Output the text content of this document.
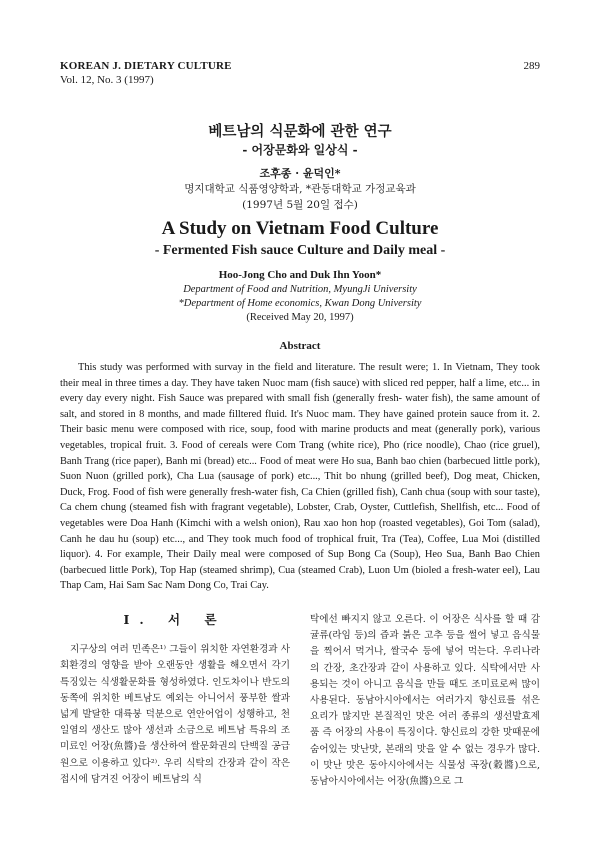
KOREAN J. DIETARY CULTURE
Vol. 12, No. 3 (1997)
289
베트남의 식문화에 관한 연구
- 어장문화와 일상식 -
조후종 · 윤덕인*
명지대학교 식품영양학과, *관동대학교 가정교육과
(1997년 5월 20일 접수)
A Study on Vietnam Food Culture
- Fermented Fish sauce Culture and Daily meal -
Hoo-Jong Cho and Duk Ihn Yoon*
Department of Food and Nutrition, MyungJi University
*Department of Home economics, Kwan Dong University
(Received May 20, 1997)
Abstract

This study was performed with survay in the field and literature. The result were; 1. In Vietnam, They took their meal in three times a day. They have taken Nuoc mam (fish sauce) with sliced red pepper, half a lime, etc... in every day every night. Fish Sauce was prepared with small fish (generally fresh- water fish), the same amount of salt, and stored in 8 months, and made filltered fluid. It's Nuoc mam. They have gained protein sauce from it. 2. Their basic menu were composed with rice, soup, food with marine products and meat (generally pork), various vegetables, tropical fruit. 3. Food of cereals were Com Trang (white rice), Pho (rice noodle), Chao (rice gruel), Banh Trang (rice paper), Banh mi (bread) etc... Food of meat were Ho sua, Banh bao chien (barbecued little pork), Suon Nuon (grilled pork), Cha Lua (sausage of pork) etc..., Thit bo nhung (grilled beef), Dog meat, Chicken, Duck, Frog. Food of fish were generally fresh-water fish, Ca Chien (grilled fish), Canh chua (soup with sour taste), Ca chem chung (steamed fish with fragrant vegetable), Lobster, Crab, Oyster, Cuttlefish, Shellfish, etc... Food of vegetables were Doa Hanh (Kimchi with a welsh onion), Rau xao hon hop (roasted vegetables), Goi Tom (salad), Canh he dau hu (soup) etc..., and They took much food of trophical fruit, Tra (Tea), Coffee, Lua Moi (distilled liquor). 4. For example, Their Daily meal were composed of Sup Bong Ca (Soup), Heo Sua, Banh Bao Chien (barbecued little Pork), Top Hap (steamed shrimp), Cua (steamed Crab), Luon Um (bioled a fresh-water eel), Lau Thap Cam, Hai Sam Sac Nam Dong Co, Trai Cay.

I. 서 론

지구상의 여러 민족은¹⁾ 그들이 위치한 자연환경과 사회환경의 영향을 받아 오랜동안 생활을 해오면서 각기 특징있는 식생활문화를 형성하였다. 인도차이나 반도의 동쪽에 위치한 베트남도 예외는 아니어서 풍부한 쌀과 넓게 발달한 대륙붕 덕분으로 연안어업이 성행하고, 천일염의 생산도 많아 생선과 소금으로 베트남 특유의 조미료인 어장(魚醬)을 생산하여 쌀문화권의 단백질 공급원으로 이용하고 있다²⁾. 우리 식탁의 간장과 같이 작은 접시에 담겨진 어장이 베트남의 식

탁에선 빠지지 않고 오른다. 이 어장은 식사를 할 때 감귤류(라임 등)의 즙과 붉은 고추 등을 썰어 넣고 음식물을 찍어서 먹거나, 쌀국수 등에 넣어 먹는다. 우리나라의 간장, 초간장과 같이 사용하고 있다. 식탁에서만 사용되는 것이 아니고 음식을 만들 때도 조미료로써 많이 사용된다. 동남아시아에서는 여러가지 향신료를 섞은 요리가 많지만 본질적인 맛은 여러 종류의 생선발효제품 즉 어장의 사용이 특징이다. 향신료의 강한 맛때문에 숨어있는 맛난맛, 본래의 맛을 알 수 없는 경우가 많다. 이 맛난 맛은 동아시아에서는 식물성 곡장(穀醬)으로, 동남아시아에서는 어장(魚醬)으로 그
